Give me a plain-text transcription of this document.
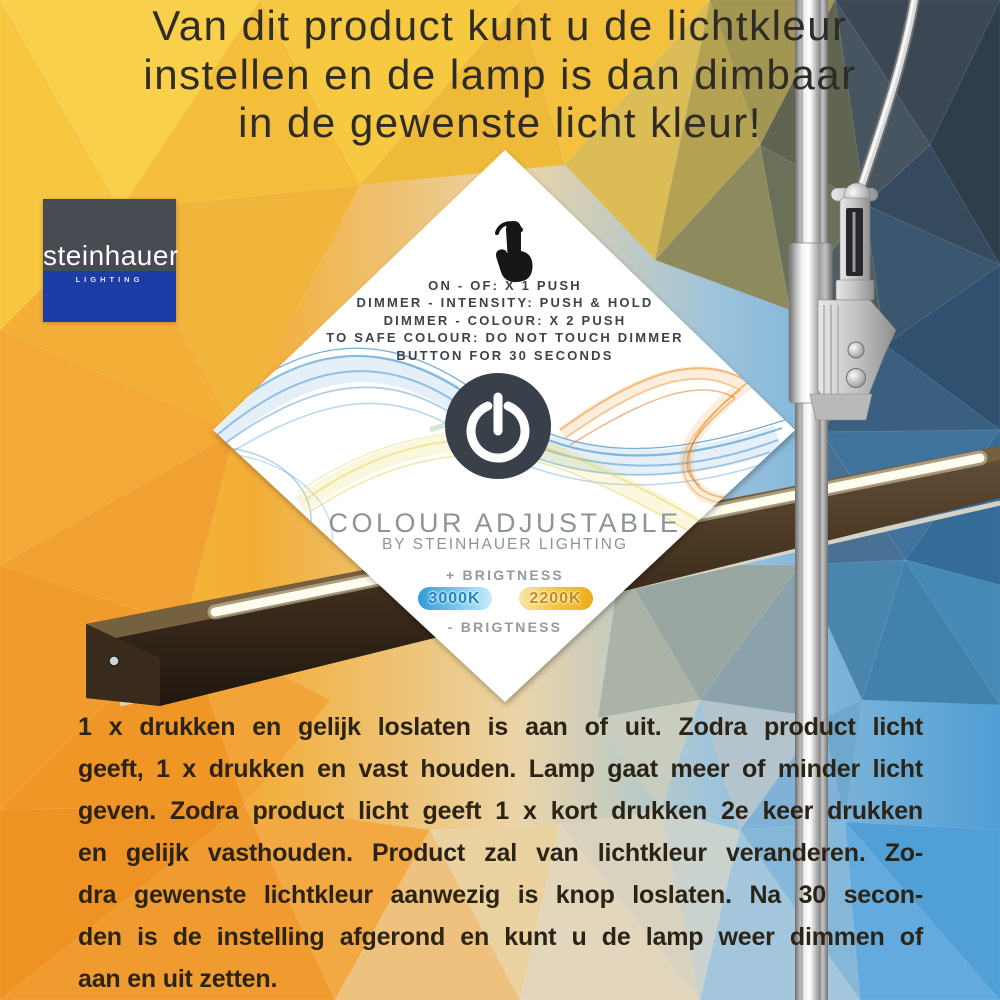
Van dit product kunt u de lichtkleur
instellen en de lamp is dan dimbaar
in de gewenste licht kleur!
steinhauer
LIGHTING	ON - OF: X 1 PUSH
DIMMER - INTENSITY: PUSH & HOLD
DIMMER - COLOUR: X 2 PUSH
TO SAFE COLOUR: DO NOT TOUCH DIMMER
BUTTON FOR 30 SECONDS
COLOUR ADJUSTABLE
BY STEINHAUER LIGHTING
+ BRIGTNESS
3000K	2200K
- BRIGTNESS
1 x drukken en gelijk loslaten is aan of uit. Zodra product licht
geeft, 1 x drukken en vast houden. Lamp gaat meer of minder licht
geven. Zodra product licht geeft 1 x kort drukken 2e keer drukken
en gelijk vasthouden. Product zal van lichtkleur veranderen. Zo-
dra gewenste lichtkleur aanwezig is knop loslaten. Na 30 secon-
den is de instelling afgerond en kunt u de lamp weer dimmen of
aan en uit zetten.
